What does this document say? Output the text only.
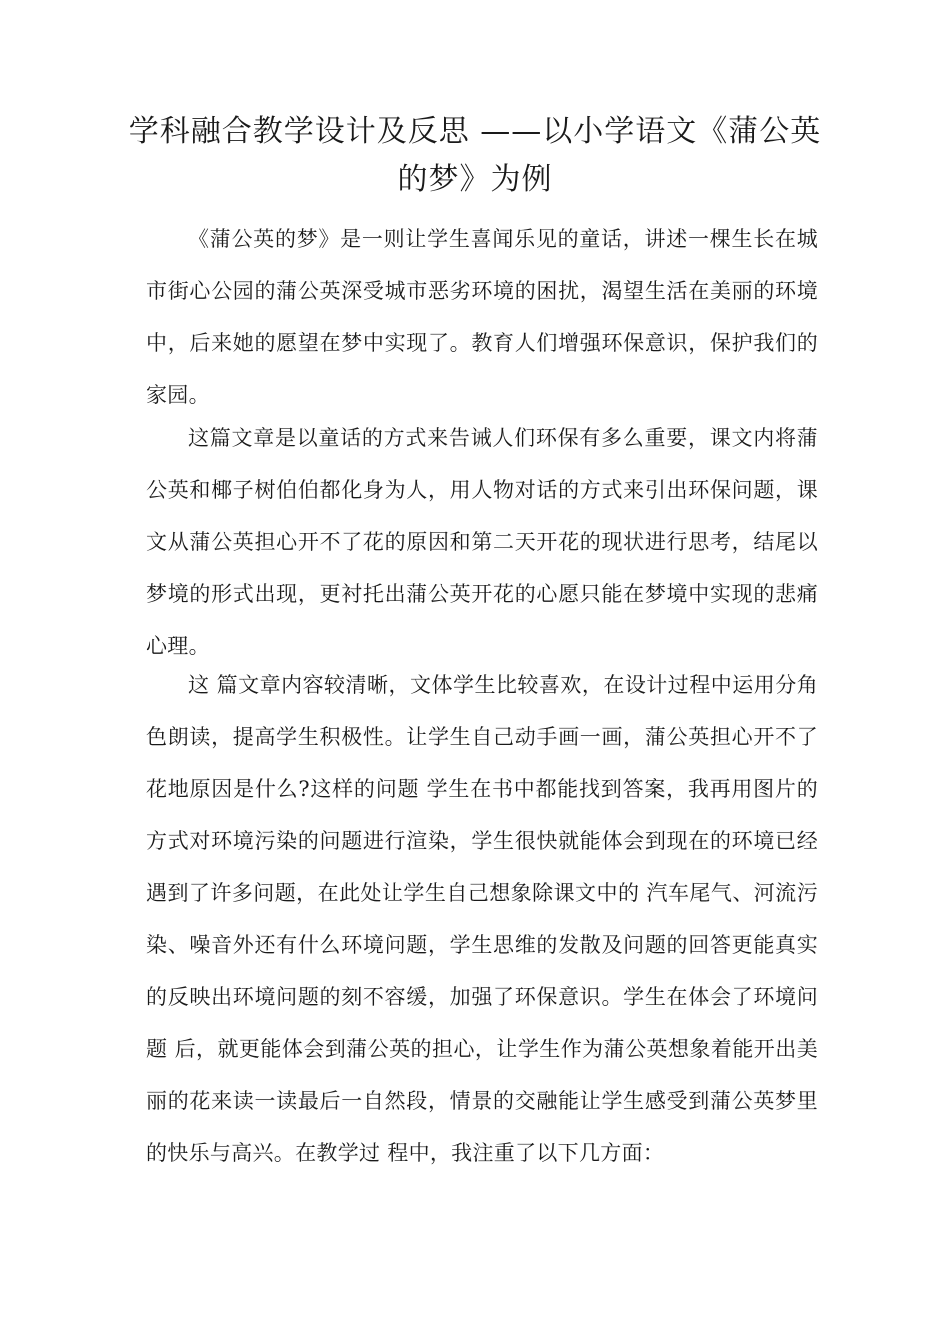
学科融合教学设计及反思 ——以小学语文《蒲公英的梦》为例

《蒲公英的梦》是一则让学生喜闻乐见的童话，讲述一棵生长在城市街心公园的蒲公英深受城市恶劣环境的困扰，渴望生活在美丽的环境中，后来她的愿望在梦中实现了。教育人们增强环保意识，保护我们的家园。

这篇文章是以童话的方式来告诫人们环保有多么重要，课文内将蒲公英和椰子树伯伯都化身为人，用人物对话的方式来引出环保问题，课文从蒲公英担心开不了花的原因和第二天开花的现状进行思考，结尾以梦境的形式出现，更衬托出蒲公英开花的心愿只能在梦境中实现的悲痛心理。

这 篇文章内容较清晰，文体学生比较喜欢，在设计过程中运用分角色朗读，提高学生积极性。让学生自己动手画一画，蒲公英担心开不了花地原因是什么?这样的问题 学生在书中都能找到答案，我再用图片的方式对环境污染的问题进行渲染，学生很快就能体会到现在的环境已经遇到了许多问题，在此处让学生自己想象除课文中的 汽车尾气、河流污染、噪音外还有什么环境问题，学生思维的发散及问题的回答更能真实的反映出环境问题的刻不容缓，加强了环保意识。学生在体会了环境问题 后，就更能体会到蒲公英的担心，让学生作为蒲公英想象着能开出美丽的花来读一读最后一自然段，情景的交融能让学生感受到蒲公英梦里的快乐与高兴。在教学过 程中，我注重了以下几方面：
